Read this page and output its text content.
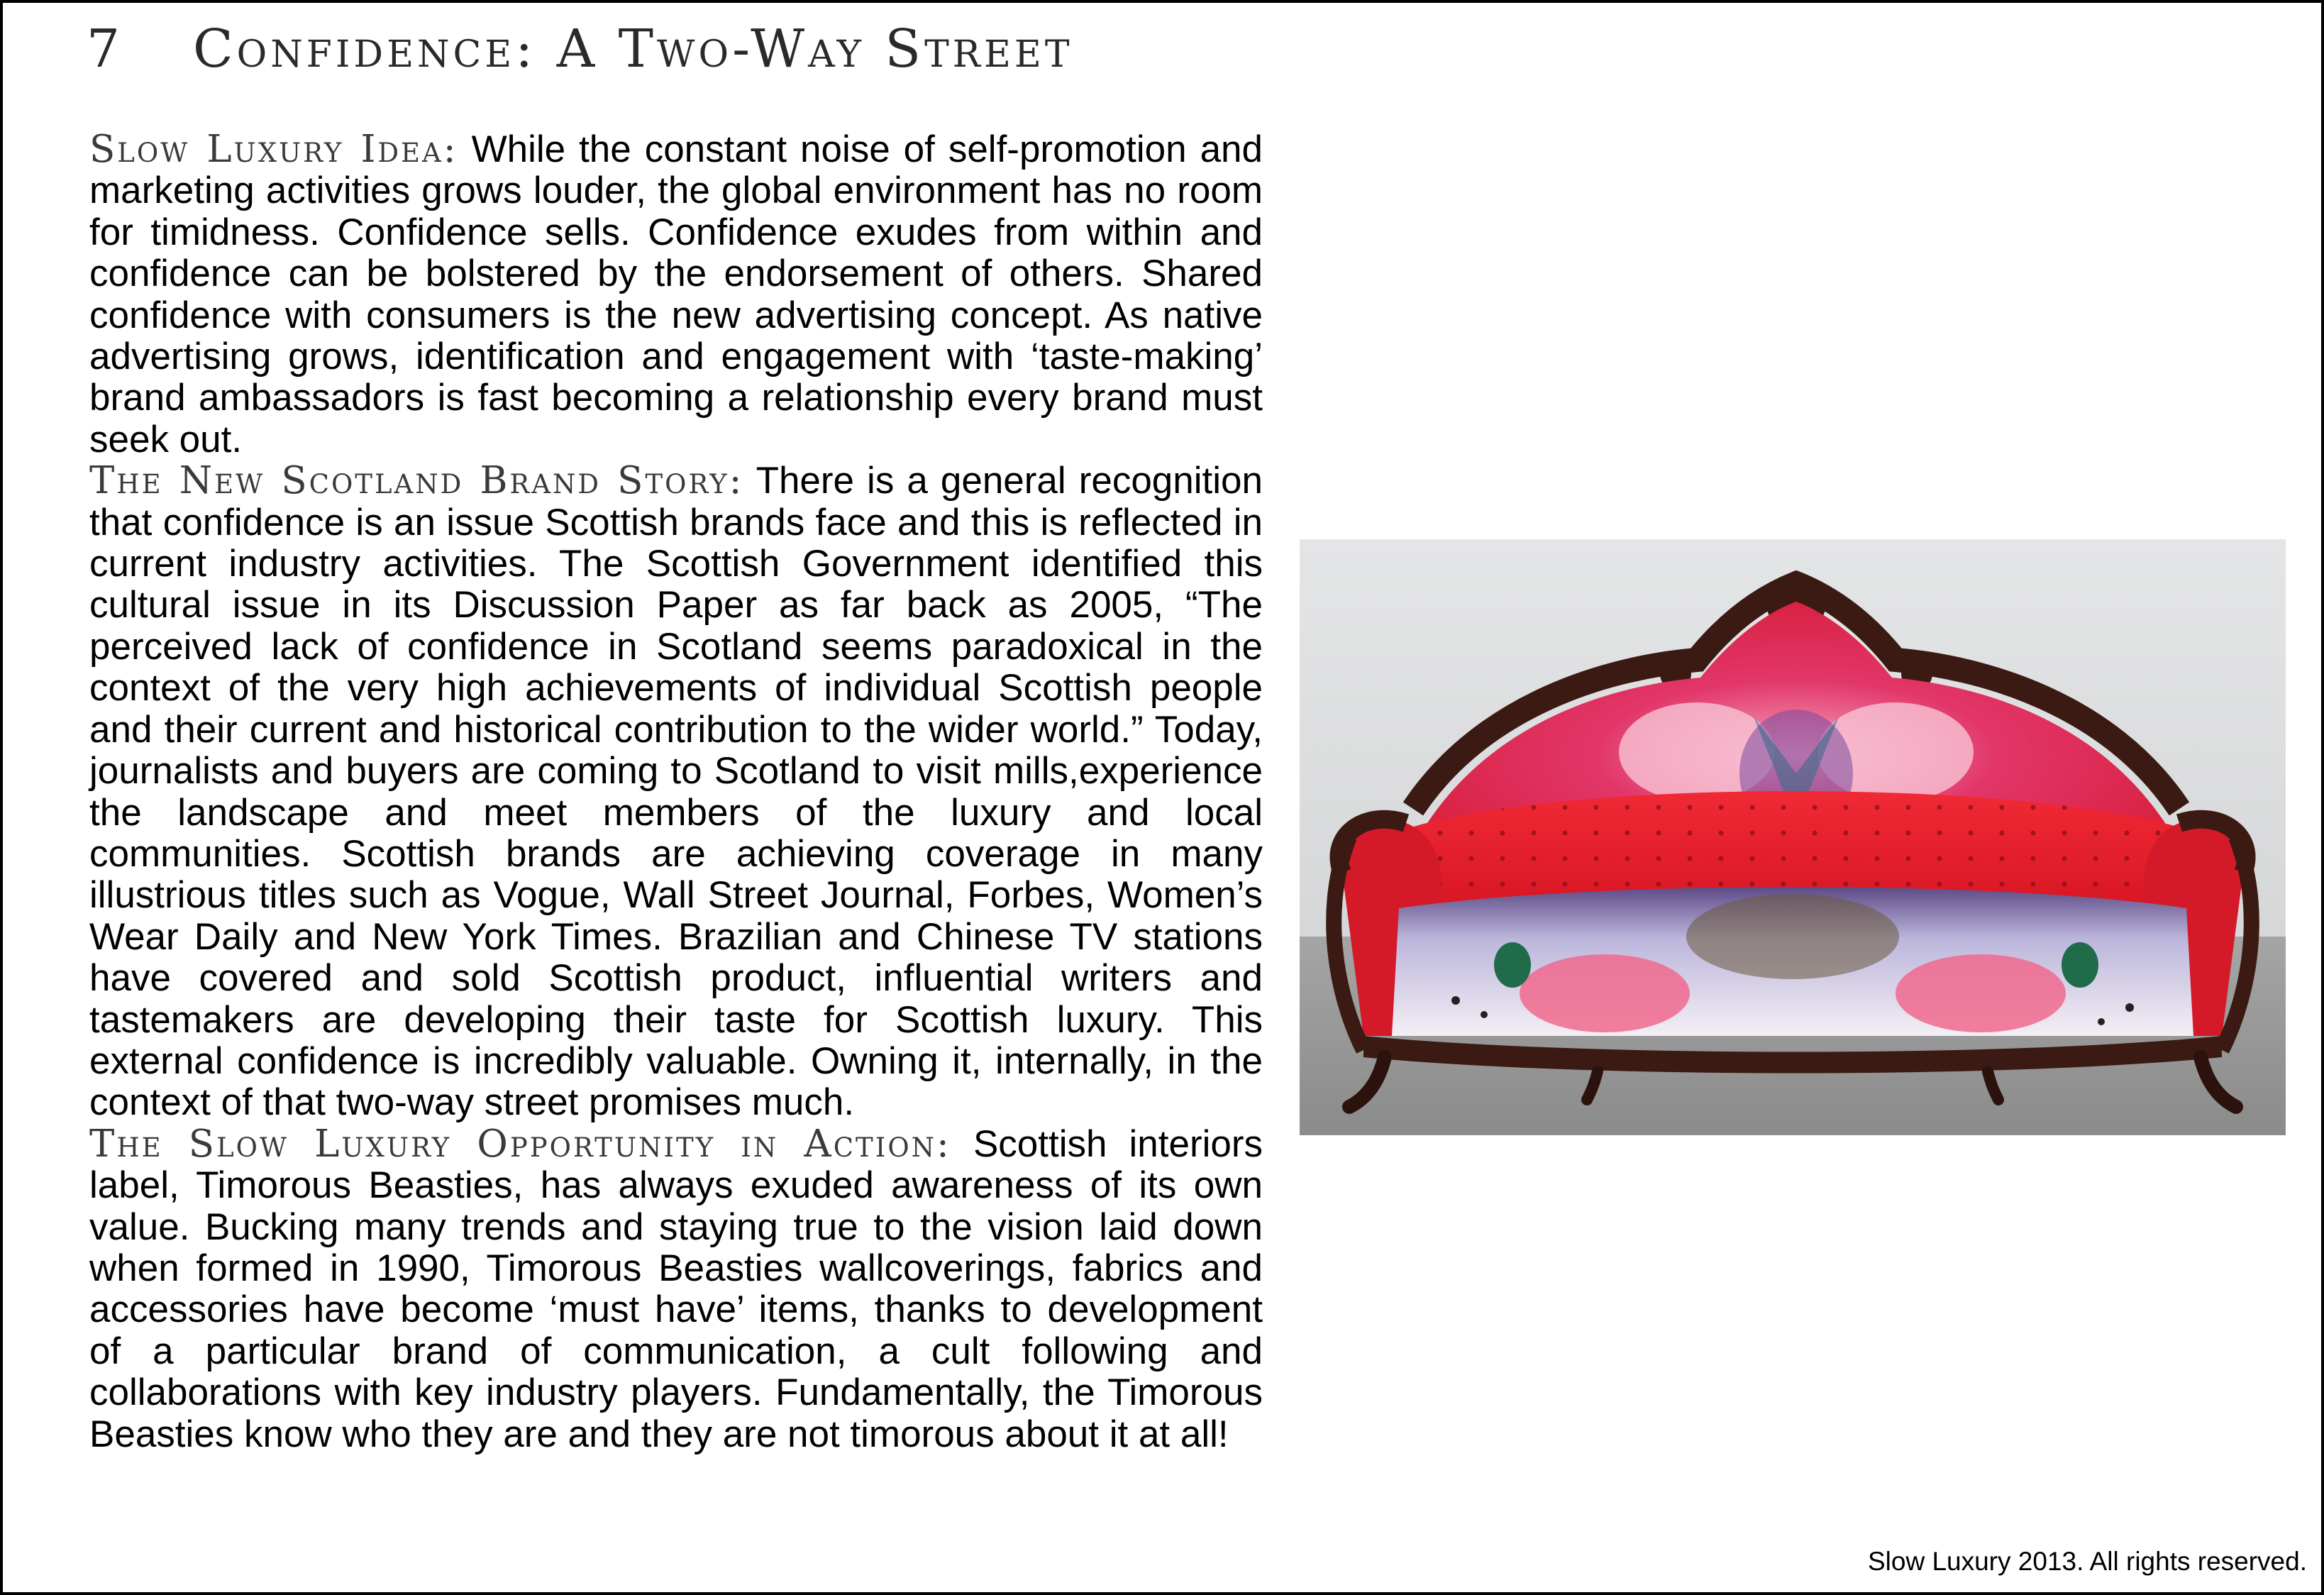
7 Confidence: A Two-Way Street

Slow Luxury Idea: While the constant noise of self-promotion and marketing activities grows louder, the global environment has no room for timidness. Confidence sells. Confidence exudes from within and confidence can be bolstered by the endorsement of others. Shared confidence with consumers is the new advertising concept. As native advertising grows, identification and engagement with ‘taste-making’ brand ambassadors is fast becoming a relationship every brand must seek out.

The New Scotland Brand Story: There is a general recognition that confidence is an issue Scottish brands face and this is reflected in current industry activities. The Scottish Government identified this cultural issue in its Discussion Paper as far back as 2005, “The perceived lack of confidence in Scotland seems paradoxical in the context of the very high achievements of individual Scottish people and their current and historical contribution to the wider world.” Today, journalists and buyers are coming to Scotland to visit mills,experience the landscape and meet members of the luxury and local communities. Scottish brands are achieving coverage in many illustrious titles such as Vogue, Wall Street Journal, Forbes, Women’s Wear Daily and New York Times. Brazilian and Chinese TV stations have covered and sold Scottish product, influential writers and tastemakers are developing their taste for Scottish luxury. This external confidence is incredibly valuable. Owning it, internally, in the context of that two-way street promises much.

The Slow Luxury Opportunity in Action: Scottish interiors label, Timorous Beasties, has always exuded awareness of its own value. Bucking many trends and staying true to the vision laid down when formed in 1990, Timorous Beasties wallcoverings, fabrics and accessories have become ‘must have’ items, thanks to development of a particular brand of communication, a cult following and collaborations with key industry players. Fundamentally, the Timorous Beasties know who they are and they are not timorous about it at all!

Slow Luxury 2013. All rights reserved.
